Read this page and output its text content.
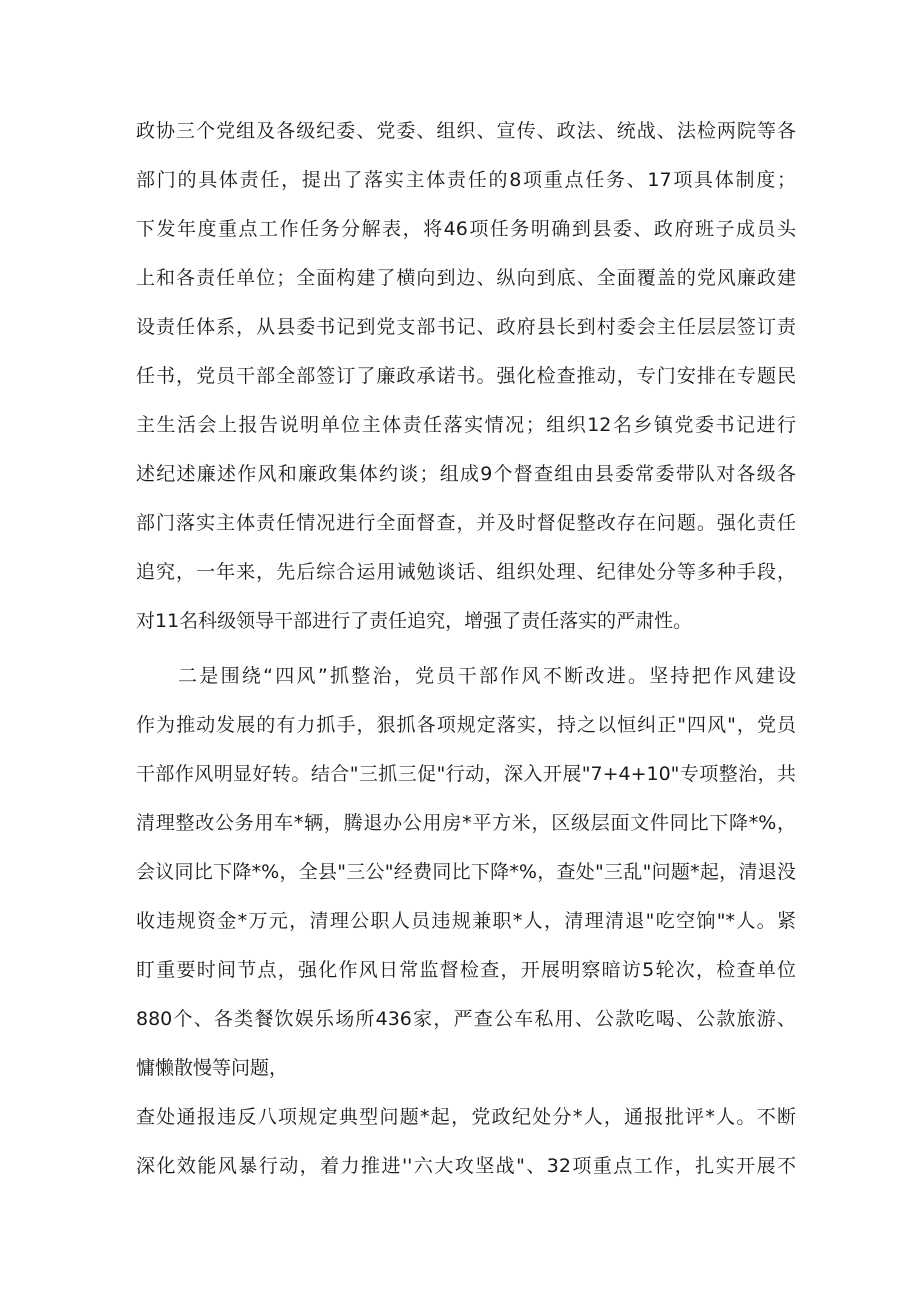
政协三个党组及各级纪委、党委、组织、宣传、政法、统战、法检两院等各
部门的具体责任，提出了落实主体责任的8项重点任务、17项具体制度；
下发年度重点工作任务分解表，将46项任务明确到县委、政府班子成员头
上和各责任单位；全面构建了横向到边、纵向到底、全面覆盖的党风廉政建
设责任体系，从县委书记到党支部书记、政府县长到村委会主任层层签订责
任书，党员干部全部签订了廉政承诺书。强化检查推动，专门安排在专题民
主生活会上报告说明单位主体责任落实情况；组织12名乡镇党委书记进行
述纪述廉述作风和廉政集体约谈；组成9个督查组由县委常委带队对各级各
部门落实主体责任情况进行全面督查，并及时督促整改存在问题。强化责任
追究，一年来，先后综合运用诫勉谈话、组织处理、纪律处分等多种手段，
对11名科级领导干部进行了责任追究，增强了责任落实的严肃性。
二是围绕“四风”抓整治，党员干部作风不断改进。坚持把作风建设
作为推动发展的有力抓手，狠抓各项规定落实，持之以恒纠正"四风"，党员
干部作风明显好转。结合"三抓三促"行动，深入开展"7+4+10"专项整治，共
清理整改公务用车*辆，腾退办公用房*平方米，区级层面文件同比下降*%，
会议同比下降*%，全县"三公"经费同比下降*%，查处"三乱"问题*起，清退没
收违规资金*万元，清理公职人员违规兼职*人，清理清退"吃空饷"*人。紧
盯重要时间节点，强化作风日常监督检查，开展明察暗访5轮次，检查单位
880个、各类餐饮娱乐场所436家，严查公车私用、公款吃喝、公款旅游、
慵懒散慢等问题，
查处通报违反八项规定典型问题*起，党政纪处分*人，通报批评*人。不断
深化效能风暴行动，着力推进''六大攻坚战"、32项重点工作，扎实开展不
